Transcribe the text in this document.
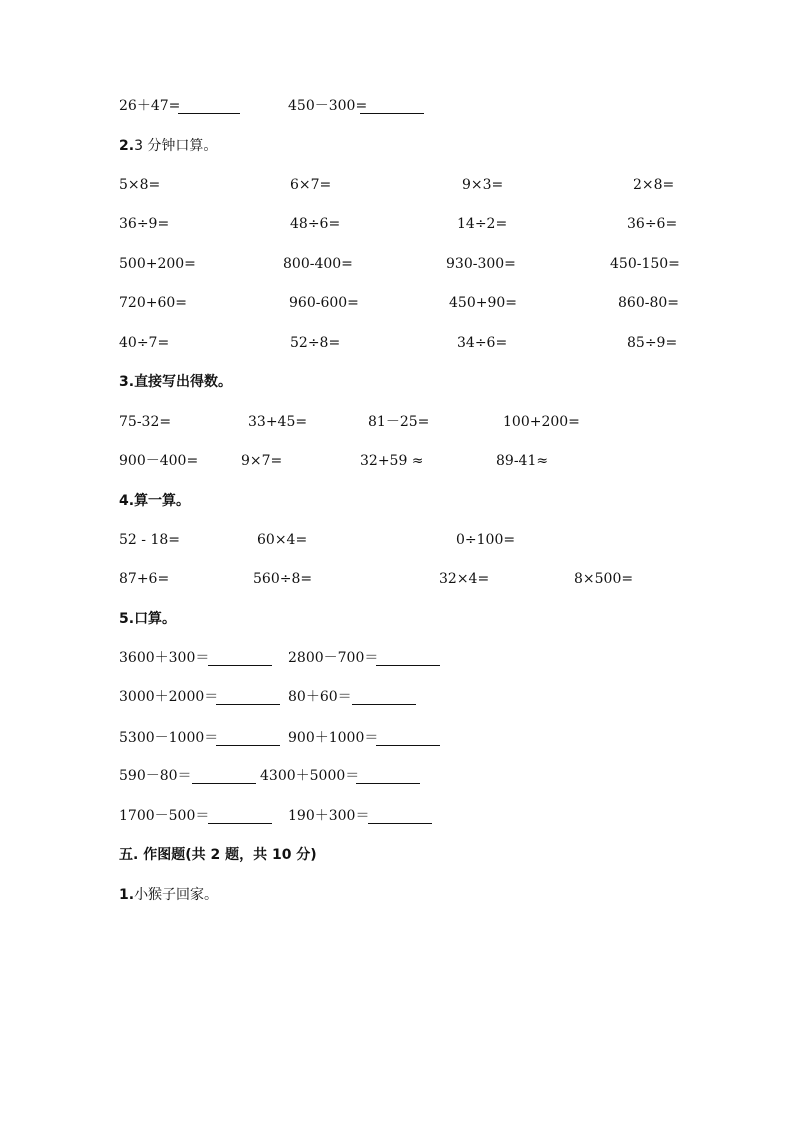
26＋47=	450－300=
2.3 分钟口算。
5×8=	6×7=	9×3=	2×8=
36÷9=	48÷6=	14÷2=	36÷6=
500+200=	800-400=	930-300=	450-150=
720+60=	960-600=	450+90=	860-80=
40÷7=	52÷8=	34÷6=	85÷9=
3.直接写出得数。
75-32=	33+45=	81－25=	100+200=
900－400=	9×7=	32+59 ≈	89-41≈
4.算一算。
52 - 18=	60×4=	0÷100=
87+6=	560÷8=	32×4=	8×500=
5.口算。
3600＋300＝	2800－700＝
3000＋2000＝	80＋60＝
5300－1000＝	900＋1000＝
590－80＝	4300＋5000＝
1700－500＝	190＋300＝
五. 作图题(共 2 题，共 10 分)
1.小猴子回家。
